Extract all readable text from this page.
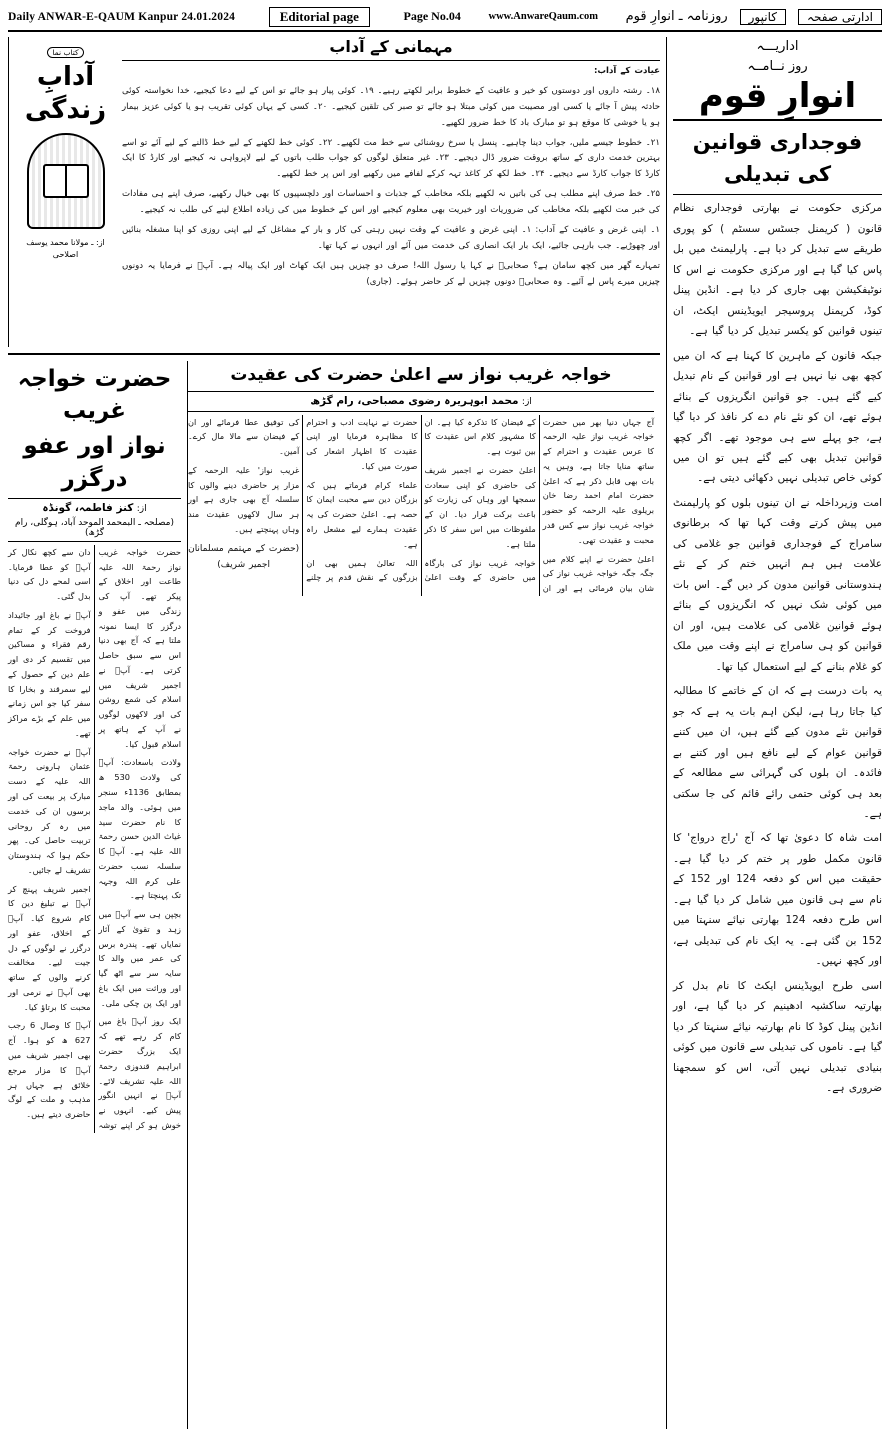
Daily ANWAR-E-QAUM Kanpur 24.01.2024	Editorial page	Page No.04	www.AnwareQaum.com	ادارتی صفحہ
کانپور
روزنامہ ـ انوارِ قوم
اداریـــہ
روز نــامــہ
انوارِ قوم
فوجداری قوانین کی تبدیلی

مرکزی حکومت نے بھارتی فوجداری نظام قانون ( کریمنل جسٹس سسٹم ) کو پوری طریقے سے تبدیل کر دیا ہے۔ پارلیمنٹ میں بل پاس کیا گیا ہے اور مرکزی حکومت نے اس کا نوٹیفکیشن بھی جاری کر دیا ہے۔ انڈین پینل کوڈ، کریمنل پروسیجر ایویڈینس ایکٹ، ان تینوں قوانین کو یکسر تبدیل کر دیا گیا ہے۔

جبکہ قانون کے ماہرین کا کہنا ہے کہ ان میں کچھ بھی نیا نہیں ہے اور قوانین کے نام تبدیل کیے گئے ہیں۔ جو قوانین انگریزوں کے بنائے ہوئے تھے، ان کو نئے نام دے کر نافذ کر دیا گیا ہے، جو پہلے سے ہی موجود تھے۔ اگر کچھ قوانین تبدیل بھی کیے گئے ہیں تو ان میں کوئی خاص تبدیلی نہیں دکھائی دیتی ہے۔

امت وزیرداخلہ نے ان تینوں بلوں کو پارلیمنٹ میں پیش کرتے وقت کہا تھا کہ برطانوی سامراج کے فوجداری قوانین جو غلامی کی علامت ہیں ہم انہیں ختم کر کے نئے ہندوستانی قوانین مدون کر دیں گے۔ اس بات میں کوئی شک نہیں کہ انگریزوں کے بنائے ہوئے قوانین غلامی کی علامت ہیں، اور ان قوانین کو ہی سامراج نے اپنے وقت میں ملک کو غلام بنانے کے لیے استعمال کیا تھا۔

یہ بات درست ہے کہ ان کے خاتمے کا مطالبہ کیا جاتا رہا ہے، لیکن اہم بات یہ ہے کہ جو قوانین نئے مدون کیے گئے ہیں، ان میں کتنے قوانین عوام کے لیے نافع ہیں اور کتنے بے فائدہ۔ ان بلوں کی گہرائی سے مطالعہ کے بعد ہی کوئی حتمی رائے قائم کی جا سکتی ہے۔

امت شاہ کا دعویٰ تھا کہ آج 'راج درواج' کا قانون مکمل طور پر ختم کر دیا گیا ہے۔ حقیقت میں اس کو دفعہ 124 اور 152 کے نام سے ہی قانون میں شامل کر دیا گیا ہے۔ اس طرح دفعہ 124 بھارتی نیائے سنہتا میں 152 بن گئی ہے۔ یہ ایک نام کی تبدیلی ہے، اور کچھ نہیں۔

اسی طرح ایویڈینس ایکٹ کا نام بدل کر بھارتیہ ساکشیہ ادھینیم کر دیا گیا ہے، اور انڈین پینل کوڈ کا نام بھارتیہ نیائے سنہتا کر دیا گیا ہے۔ ناموں کی تبدیلی سے قانون میں کوئی بنیادی تبدیلی نہیں آتی، اس کو سمجھنا ضروری ہے۔

مہمانی کے آداب

عیادت کے آداب:

۱۸۔ رشتہ داروں اور دوستوں کو خیر و عافیت کے خطوط برابر لکھتے رہیے۔ ۱۹۔ کوئی پیار ہو جائے تو اس کے لیے دعا کیجیے، خدا نخواستہ کوئی حادثہ پیش آ جائے یا کسی اور مصیبت میں کوئی مبتلا ہو جائے تو صبر کی تلقین کیجیے۔ ۲۰۔ کسی کے یہاں کوئی تقریب ہو یا کوئی عزیز بیمار ہو یا خوشی کا موقع ہو تو مبارک باد کا خط ضرور لکھیے۔

۲۱۔ خطوط جیسے ملیں، جواب دینا چاہیے۔ پنسل یا سرخ روشنائی سے خط مت لکھیے۔ ۲۲۔ کوئی خط لکھنے کے لیے خط ڈالنے کے لیے آئے تو اسے بہترین خدمت داری کے ساتھ بروقت ضرور ڈال دیجیے۔ ۲۳۔ غیر متعلق لوگوں کو جواب طلب باتوں کے لیے لاپرواہی نہ کیجیے اور کارڈ کا ایک کارڈ کا جواب کارڈ سے دیجیے۔ ۲۴۔ خط لکھ کر کاغذ تہہ کرکے لفافے میں رکھیے اور اس پر خط لکھیے۔

۲۵۔ خط صرف اپنے مطلب ہی کی باتیں نہ لکھیے بلکہ مخاطب کے جذبات و احساسات اور دلچسپیوں کا بھی خیال رکھیے، صرف اپنے ہی مفادات کی خبر مت لکھیے بلکہ مخاطب کی ضروریات اور خیریت بھی معلوم کیجیے اور اس کے خطوط میں کی زیادہ اطلاع لینے کی طلب نہ کیجیے۔

۱۔ اپنی غرض و عافیت کے آداب: ۱۔ اپنی غرض و عافیت کے وقت نہیں رہتی کی کار و بار کے مشاغل کے لیے اپنی روزی کو اپنا مشغلہ بنائیں اور چھوڑیے۔ جب بارہی جائیے، ایک بار ایک انصاری کی خدمت میں آئے اور انہوں نے کہا تھا۔

تمہارے گھر میں کچھ سامان ہے؟ صحابیؓ نے کہا یا رسول اللہ! صرف دو چیزیں ہیں ایک کھاٹ اور ایک پیالہ ہے۔ آپؐ نے فرمایا یہ دونوں چیزیں میرے پاس لے آئیے۔ وہ صحابیؓ دونوں چیزیں لے کر حاضر ہوئے۔ (جاری)

کتاب نما
آدابِ
زندگی
از: ـ مولانا محمد یوسف اصلاحی
خواجہ غریب نواز سے اعلیٰ حضرت کی عقیدت
از: محمد ابوہریرہ رضوی مصباحی، رام گڑھ

آج جہاں دنیا بھر میں حضرت خواجہ غریب نواز علیہ الرحمہ کا عرس عقیدت و احترام کے ساتھ منایا جاتا ہے، وہیں یہ بات بھی قابل ذکر ہے کہ اعلیٰ حضرت امام احمد رضا خان بریلوی علیہ الرحمہ کو حضور خواجہ غریب نواز سے کس قدر محبت و عقیدت تھی۔

اعلیٰ حضرت نے اپنے کلام میں جگہ جگہ خواجہ غریب نواز کی شان بیان فرمائی ہے اور ان کے فیضان کا تذکرہ کیا ہے۔ ان کا مشہور کلام اس عقیدت کا بین ثبوت ہے۔

اعلیٰ حضرت نے اجمیر شریف کی حاضری کو اپنی سعادت سمجھا اور وہاں کی زیارت کو باعث برکت قرار دیا۔ ان کے ملفوظات میں اس سفر کا ذکر ملتا ہے۔

خواجہ غریب نواز کی بارگاہ میں حاضری کے وقت اعلیٰ حضرت نے نہایت ادب و احترام کا مظاہرہ فرمایا اور اپنی عقیدت کا اظہار اشعار کی صورت میں کیا۔

علماء کرام فرماتے ہیں کہ بزرگان دین سے محبت ایمان کا حصہ ہے۔ اعلیٰ حضرت کی یہ عقیدت ہمارے لیے مشعل راہ ہے۔

اللہ تعالیٰ ہمیں بھی ان بزرگوں کے نقش قدم پر چلنے کی توفیق عطا فرمائے اور ان کے فیضان سے مالا مال کرے۔ آمین۔

غریب نواز' علیہ الرحمہ کے مزار پر حاضری دینے والوں کا سلسلہ آج بھی جاری ہے اور ہر سال لاکھوں عقیدت مند وہاں پہنچتے ہیں۔

(حضرت کے مہتمم مسلمانان اجمیر شریف)

حضرت خواجہ غریب
نواز اور عفو درگزر
از: کنز فاطمہ، گونڈہ
(مصلحہ ـ البمحمد الموحد آباد، ہوگلی، رام گڑھ)

حضرت خواجہ غریب نواز رحمۃ اللہ علیہ طاعت اور اخلاق کے پیکر تھے۔ آپ کی زندگی میں عفو و درگزر کا ایسا نمونہ ملتا ہے کہ آج بھی دنیا اس سے سبق حاصل کرتی ہے۔ آپؒ نے اجمیر شریف میں اسلام کی شمع روشن کی اور لاکھوں لوگوں نے آپ کے ہاتھ پر اسلام قبول کیا۔

ولادت باسعادت: آپؒ کی ولادت 530 ھ بمطابق 1136ء سنجر میں ہوئی۔ والد ماجد کا نام حضرت سید غیاث الدین حسن رحمۃ اللہ علیہ ہے۔ آپؒ کا سلسلہ نسب حضرت علی کرم اللہ وجہہ تک پہنچتا ہے۔

بچپن ہی سے آپؒ میں زہد و تقویٰ کے آثار نمایاں تھے۔ پندرہ برس کی عمر میں والد کا سایہ سر سے اٹھ گیا اور وراثت میں ایک باغ اور ایک پن چکی ملی۔

ایک روز آپؒ باغ میں کام کر رہے تھے کہ ایک بزرگ حضرت ابراہیم قندوزی رحمۃ اللہ علیہ تشریف لائے۔ آپؒ نے انہیں انگور پیش کیے۔ انہوں نے خوش ہو کر اپنے توشہ دان سے کچھ نکال کر آپؒ کو عطا فرمایا۔ اسی لمحے دل کی دنیا بدل گئی۔

آپؒ نے باغ اور جائیداد فروخت کر کے تمام رقم فقراء و مساکین میں تقسیم کر دی اور علم دین کے حصول کے لیے سمرقند و بخارا کا سفر کیا جو اس زمانے میں علم کے بڑے مراکز تھے۔

آپؒ نے حضرت خواجہ عثمان ہارونی رحمۃ اللہ علیہ کے دست مبارک پر بیعت کی اور برسوں ان کی خدمت میں رہ کر روحانی تربیت حاصل کی۔ پھر حکم ہوا کہ ہندوستان تشریف لے جائیں۔

اجمیر شریف پہنچ کر آپؒ نے تبلیغ دین کا کام شروع کیا۔ آپؒ کے اخلاق، عفو اور درگزر نے لوگوں کے دل جیت لیے۔ مخالفت کرنے والوں کے ساتھ بھی آپؒ نے نرمی اور محبت کا برتاؤ کیا۔

آپؒ کا وصال 6 رجب 627 ھ کو ہوا۔ آج بھی اجمیر شریف میں آپؒ کا مزار مرجع خلائق ہے جہاں ہر مذہب و ملت کے لوگ حاضری دیتے ہیں۔
